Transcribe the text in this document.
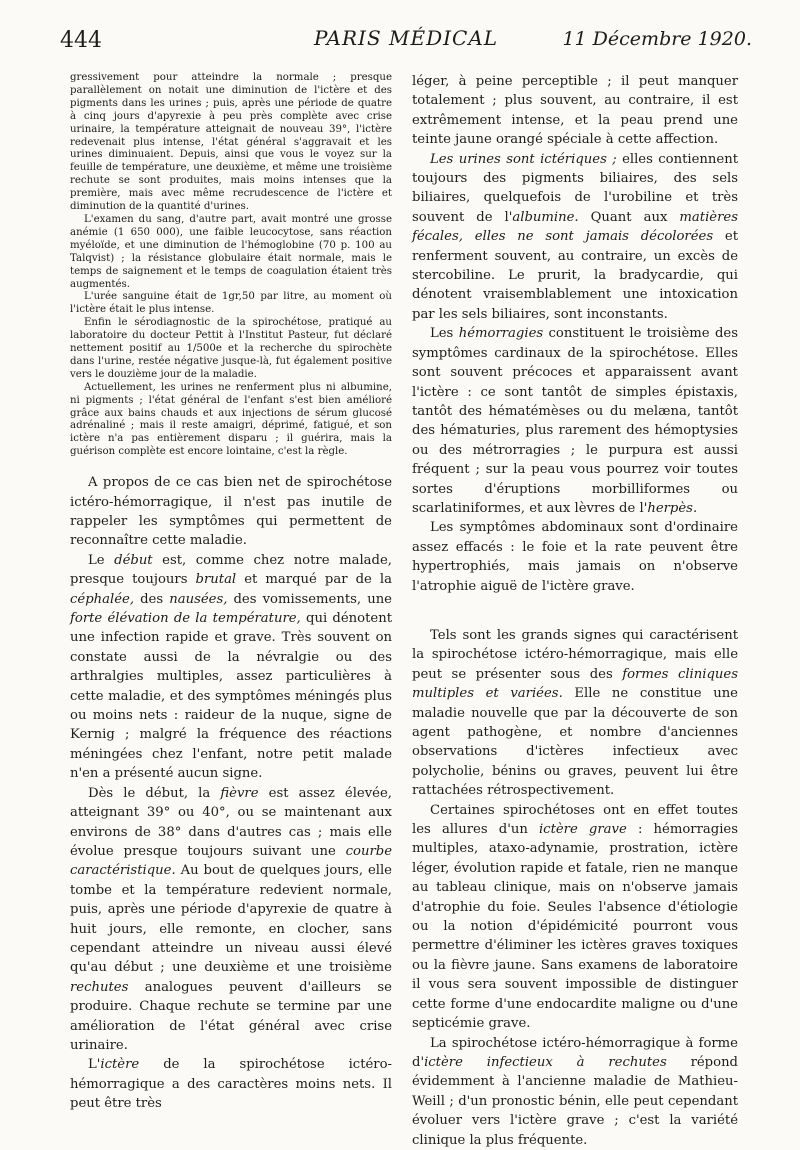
444	PARIS MÉDICAL	11 Décembre 1920.

gressivement pour atteindre la normale ; presque parallèlement on notait une diminution de l'ictère et des pigments dans les urines ; puis, après une période de quatre à cinq jours d'apyrexie à peu près complète avec crise urinaire, la température atteignait de nouveau 39°, l'ictère redevenait plus intense, l'état général s'aggravait et les urines diminuaient. Depuis, ainsi que vous le voyez sur la feuille de température, une deuxième, et même une troisième rechute se sont produites, mais moins intenses que la première, mais avec même recrudescence de l'ictère et diminution de la quantité d'urines.

L'examen du sang, d'autre part, avait montré une grosse anémie (1 650 000), une faible leucocytose, sans réaction myéloïde, et une diminution de l'hémoglobine (70 p. 100 au Talqvist) ; la résistance globulaire était normale, mais le temps de saignement et le temps de coagulation étaient très augmentés.

L'urée sanguine était de 1gr,50 par litre, au moment où l'ictère était le plus intense.

Enfin le sérodiagnostic de la spirochétose, pratiqué au laboratoire du docteur Pettit à l'Institut Pasteur, fut déclaré nettement positif au 1/500e et la recherche du spirochète dans l'urine, restée négative jusque-là, fut également positive vers le douzième jour de la maladie.

Actuellement, les urines ne renferment plus ni albumine, ni pigments ; l'état général de l'enfant s'est bien amélioré grâce aux bains chauds et aux injections de sérum glucosé adrénaliné ; mais il reste amaigri, déprimé, fatigué, et son ictère n'a pas entièrement disparu ; il guérira, mais la guérison complète est encore lointaine, c'est la règle.

A propos de ce cas bien net de spirochétose ictéro-hémorragique, il n'est pas inutile de rappeler les symptômes qui permettent de reconnaître cette maladie.

Le début est, comme chez notre malade, presque toujours brutal et marqué par de la céphalée, des nausées, des vomissements, une forte élévation de la température, qui dénotent une infection rapide et grave. Très souvent on constate aussi de la névralgie ou des arthralgies multiples, assez particulières à cette maladie, et des symptômes méningés plus ou moins nets : raideur de la nuque, signe de Kernig ; malgré la fréquence des réactions méningées chez l'enfant, notre petit malade n'en a présenté aucun signe.

Dès le début, la fièvre est assez élevée, atteignant 39° ou 40°, ou se maintenant aux environs de 38° dans d'autres cas ; mais elle évolue presque toujours suivant une courbe caractéristique. Au bout de quelques jours, elle tombe et la température redevient normale, puis, après une période d'apyrexie de quatre à huit jours, elle remonte, en clocher, sans cependant atteindre un niveau aussi élevé qu'au début ; une deuxième et une troisième rechutes analogues peuvent d'ailleurs se produire. Chaque rechute se termine par une amélioration de l'état général avec crise urinaire.

L'ictère de la spirochétose ictéro-hémorragique a des caractères moins nets. Il peut être très

léger, à peine perceptible ; il peut manquer totalement ; plus souvent, au contraire, il est extrêmement intense, et la peau prend une teinte jaune orangé spéciale à cette affection.

Les urines sont ictériques ; elles contiennent toujours des pigments biliaires, des sels biliaires, quelquefois de l'urobiline et très souvent de l'albumine. Quant aux matières fécales, elles ne sont jamais décolorées et renferment souvent, au contraire, un excès de stercobiline. Le prurit, la bradycardie, qui dénotent vraisemblablement une intoxication par les sels biliaires, sont inconstants.

Les hémorragies constituent le troisième des symptômes cardinaux de la spirochétose. Elles sont souvent précoces et apparaissent avant l'ictère : ce sont tantôt de simples épistaxis, tantôt des hématémèses ou du melæna, tantôt des hématuries, plus rarement des hémoptysies ou des métrorragies ; le purpura est aussi fréquent ; sur la peau vous pourrez voir toutes sortes d'éruptions morbilliformes ou scarlatiniformes, et aux lèvres de l'herpès.

Les symptômes abdominaux sont d'ordinaire assez effacés : le foie et la rate peuvent être hypertrophiés, mais jamais on n'observe l'atrophie aiguë de l'ictère grave.

Tels sont les grands signes qui caractérisent la spirochétose ictéro-hémorragique, mais elle peut se présenter sous des formes cliniques multiples et variées. Elle ne constitue une maladie nouvelle que par la découverte de son agent pathogène, et nombre d'anciennes observations d'ictères infectieux avec polycholie, bénins ou graves, peuvent lui être rattachées rétrospectivement.

Certaines spirochétoses ont en effet toutes les allures d'un ictère grave : hémorragies multiples, ataxo-adynamie, prostration, ictère léger, évolution rapide et fatale, rien ne manque au tableau clinique, mais on n'observe jamais d'atrophie du foie. Seules l'absence d'étiologie ou la notion d'épidémicité pourront vous permettre d'éliminer les ictères graves toxiques ou la fièvre jaune. Sans examens de laboratoire il vous sera souvent impossible de distinguer cette forme d'une endocardite maligne ou d'une septicémie grave.

La spirochétose ictéro-hémorragique à forme d'ictère infectieux à rechutes répond évidemment à l'ancienne maladie de Mathieu-Weill ; d'un pronostic bénin, elle peut cependant évoluer vers l'ictère grave ; c'est la variété clinique la plus fréquente.
